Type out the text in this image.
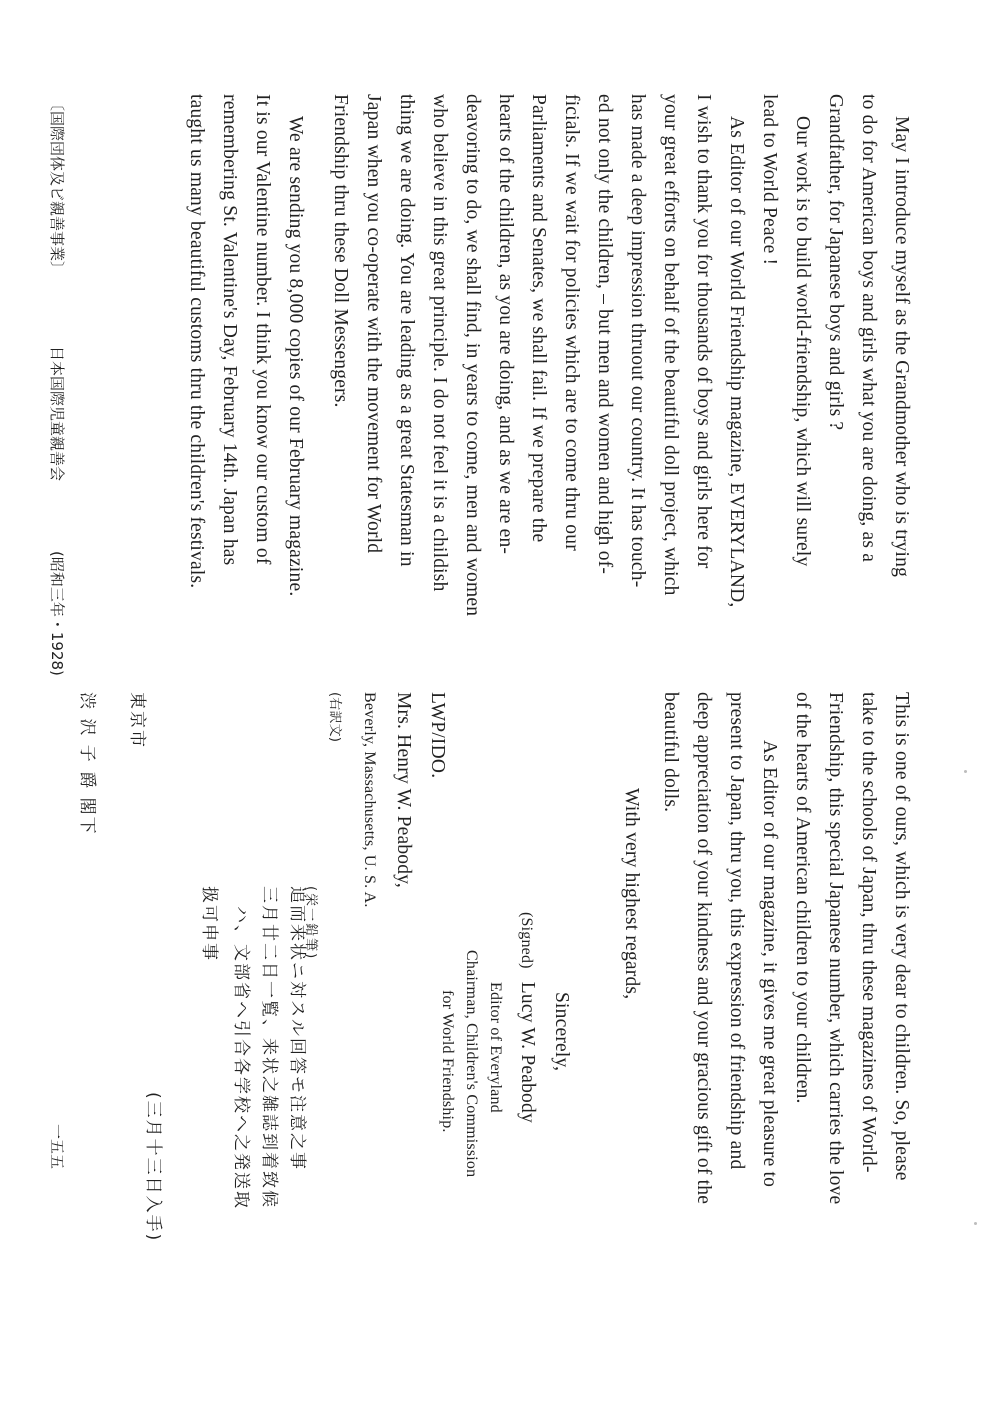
May I introduce myself as the Grandmother who is trying
to do for American boys and girls what you are doing, as a
Grandfather, for Japanese boys and girls ?
Our work is to build world-friendship, which will surely
lead to World Peace !
As Editor of our World Friendship magazine, EVERYLAND,
I wish to thank you for thousands of boys and girls here for
your great efforts on behalf of the beautiful doll project, which
has made a deep impression thruout our country. It has touch-
ed not only the children, – but men and women and high of-
ficials. If we wait for policies which are to come thru our
Parliaments and Senates, we shall fail. If we prepare the
hearts of the children, as you are doing, and as we are en-
deavoring to do, we shall find, in years to come, men and women
who believe in this great principle. I do not feel it is a childish
thing we are doing. You are leading as a great Statesman in
Japan when you co-operate with the movement for World
Friendship thru these Doll Messengers.
We are sending you 8,000 copies of our February magazine.
It is our Valentine number. I think you know our custom of
remembering St. Valentine's Day, February 14th. Japan has
taught us many beautiful customs thru the children's festivals.
This is one of ours, which is very dear to children. So, please
take to the schools of Japan, thru these magazines of World-
Friendship, this special Japanese number, which carries the love
of the hearts of American children to your children.
As Editor of our magazine, it gives me great pleasure to
present to Japan, thru you, this expression of friendship and
deep appreciation of your kindness and your gracious gift of the
beautiful dolls.
With very highest regards,
Sincerely,
(Signed) Lucy W. Peabody
Editor of Everyland
Chairman, Children's Commission
for World Friendship.
LWP/IDO.
Mrs. Henry W. Peabody,
Beverly, Massachusetts, U. S. A.
(右訳文)
(栄一鉛筆)
追而来状ニ対スル回答モ注意之事
三月廿二日一覧、来状之雑誌到着致候
ハ、文部省ヘ引合各学校ヘ之発送取
扱可申事
(三月十三日入手)
東京市
渋 沢 子 爵 閣下
〔国際団体及ビ親善事業〕
日本国際児童親善会
(昭和三年・1928)
一五五
